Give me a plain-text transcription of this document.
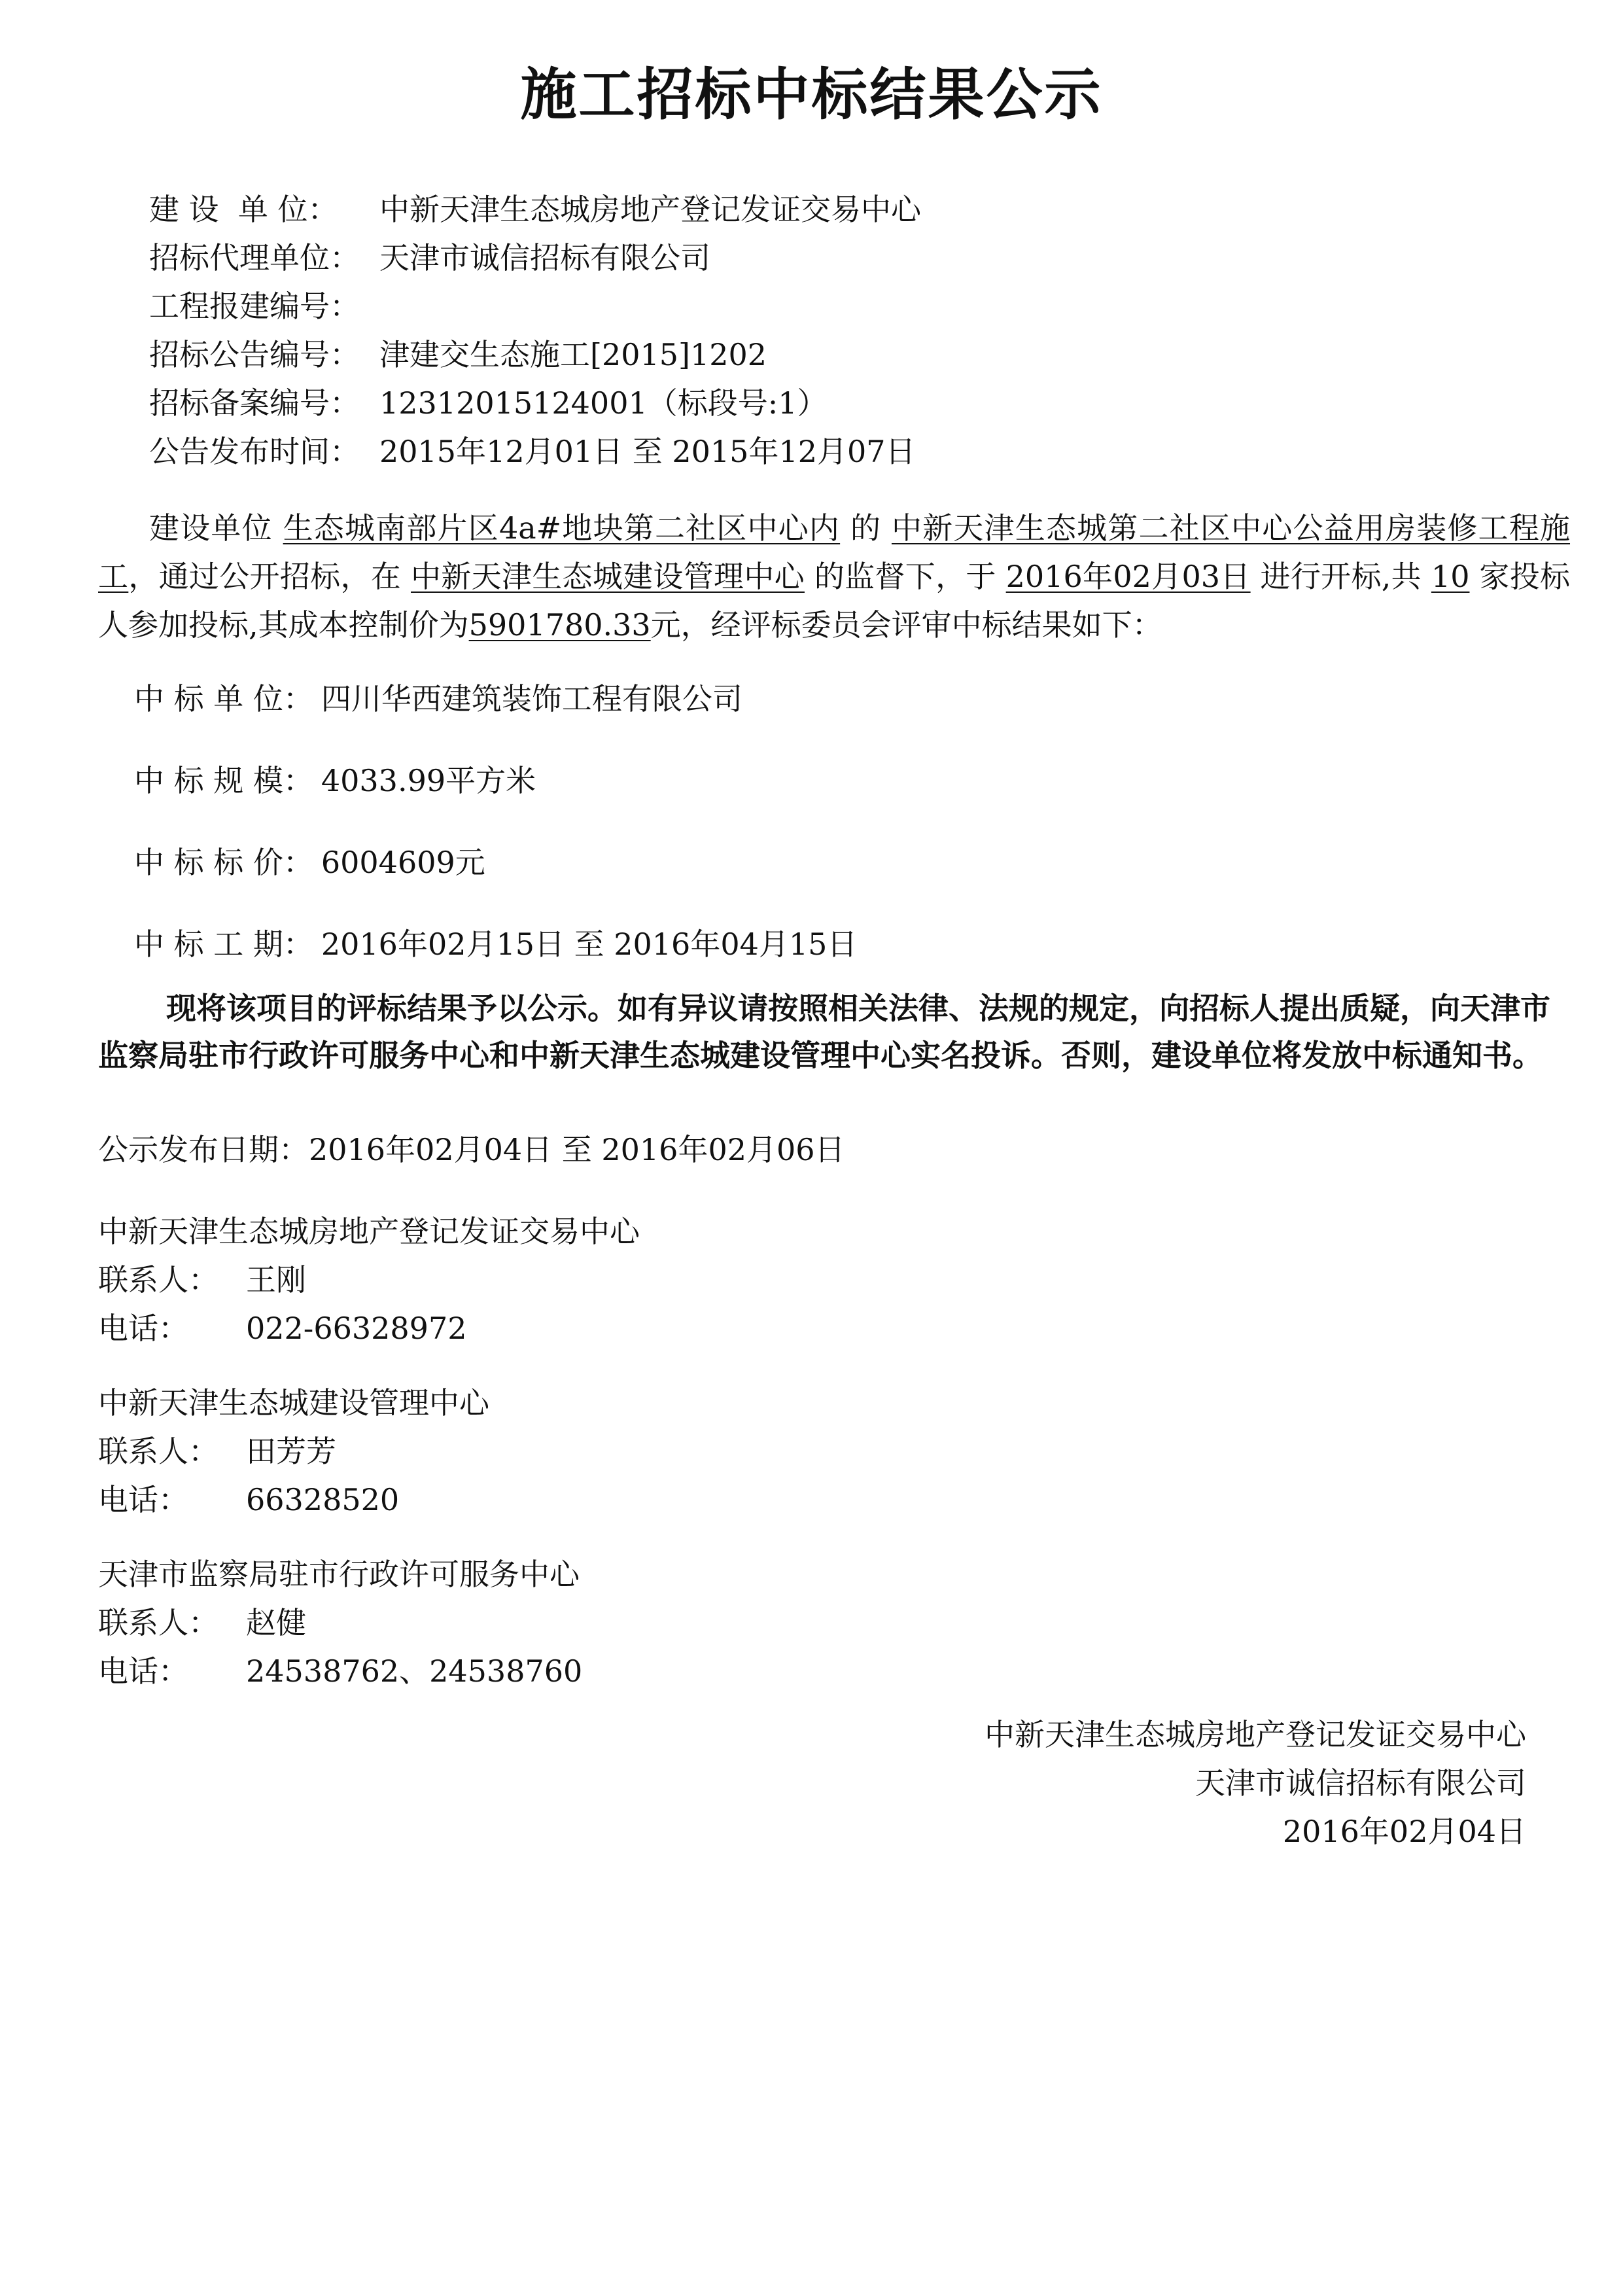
施工招标中标结果公示
建 设  单 位： 中新天津生态城房地产登记发证交易中心
招标代理单位： 天津市诚信招标有限公司
工程报建编号：
招标公告编号： 津建交生态施工[2015]1202
招标备案编号： 12312015124001（标段号:1）
公告发布时间： 2015年12月01日 至 2015年12月07日
建设单位 生态城南部片区4a#地块第二社区中心内 的 中新天津生态城第二社区中心公益用房装修工程施工，通过公开招标，在 中新天津生态城建设管理中心 的监督下，于 2016年02月03日 进行开标,共 10 家投标人参加投标,其成本控制价为5901780.33元，经评标委员会评审中标结果如下：
中 标 单 位： 四川华西建筑装饰工程有限公司
中 标 规 模： 4033.99平方米
中 标 标 价： 6004609元
中 标 工 期： 2016年02月15日 至 2016年04月15日
现将该项目的评标结果予以公示。如有异议请按照相关法律、法规的规定，向招标人提出质疑，向天津市监察局驻市行政许可服务中心和中新天津生态城建设管理中心实名投诉。否则，建设单位将发放中标通知书。
公示发布日期：2016年02月04日 至 2016年02月06日
中新天津生态城房地产登记发证交易中心
联系人： 王刚
电话： 022-66328972
中新天津生态城建设管理中心
联系人： 田芳芳
电话： 66328520
天津市监察局驻市行政许可服务中心
联系人： 赵健
电话： 24538762、24538760
中新天津生态城房地产登记发证交易中心
天津市诚信招标有限公司
2016年02月04日
